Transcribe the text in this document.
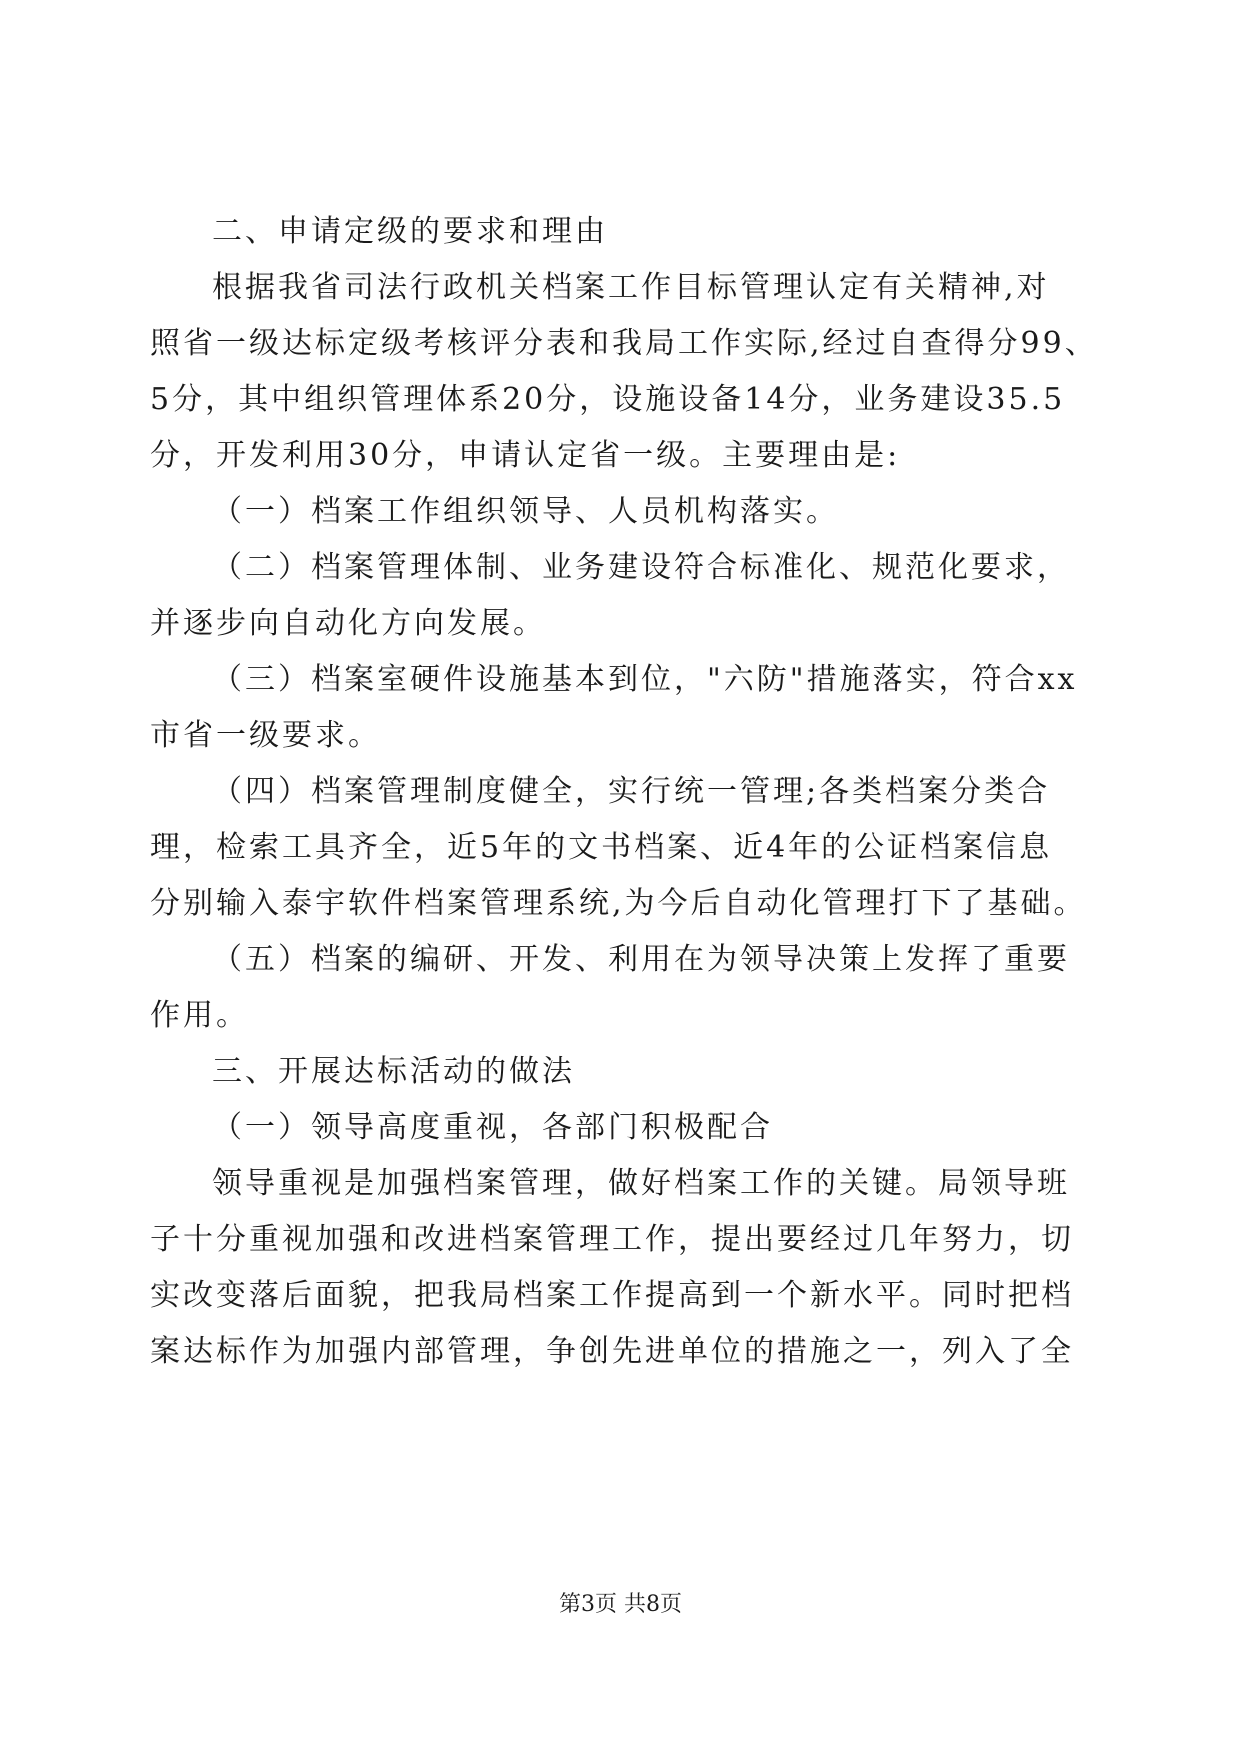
二、申请定级的要求和理由
根据我省司法行政机关档案工作目标管理认定有关精神,对
照省一级达标定级考核评分表和我局工作实际,经过自查得分99、
5分，其中组织管理体系20分，设施设备14分，业务建设35.5
分，开发利用30分，申请认定省一级。主要理由是:
（一）档案工作组织领导、人员机构落实。
（二）档案管理体制、业务建设符合标准化、规范化要求，
并逐步向自动化方向发展。
（三）档案室硬件设施基本到位，"六防"措施落实，符合xx
市省一级要求。
（四）档案管理制度健全，实行统一管理;各类档案分类合
理，检索工具齐全，近5年的文书档案、近4年的公证档案信息
分别输入泰宇软件档案管理系统,为今后自动化管理打下了基础。
（五）档案的编研、开发、利用在为领导决策上发挥了重要
作用。
三、开展达标活动的做法
（一）领导高度重视，各部门积极配合
领导重视是加强档案管理，做好档案工作的关键。局领导班
子十分重视加强和改进档案管理工作，提出要经过几年努力，切
实改变落后面貌，把我局档案工作提高到一个新水平。同时把档
案达标作为加强内部管理，争创先进单位的措施之一，列入了全
第3页 共8页
